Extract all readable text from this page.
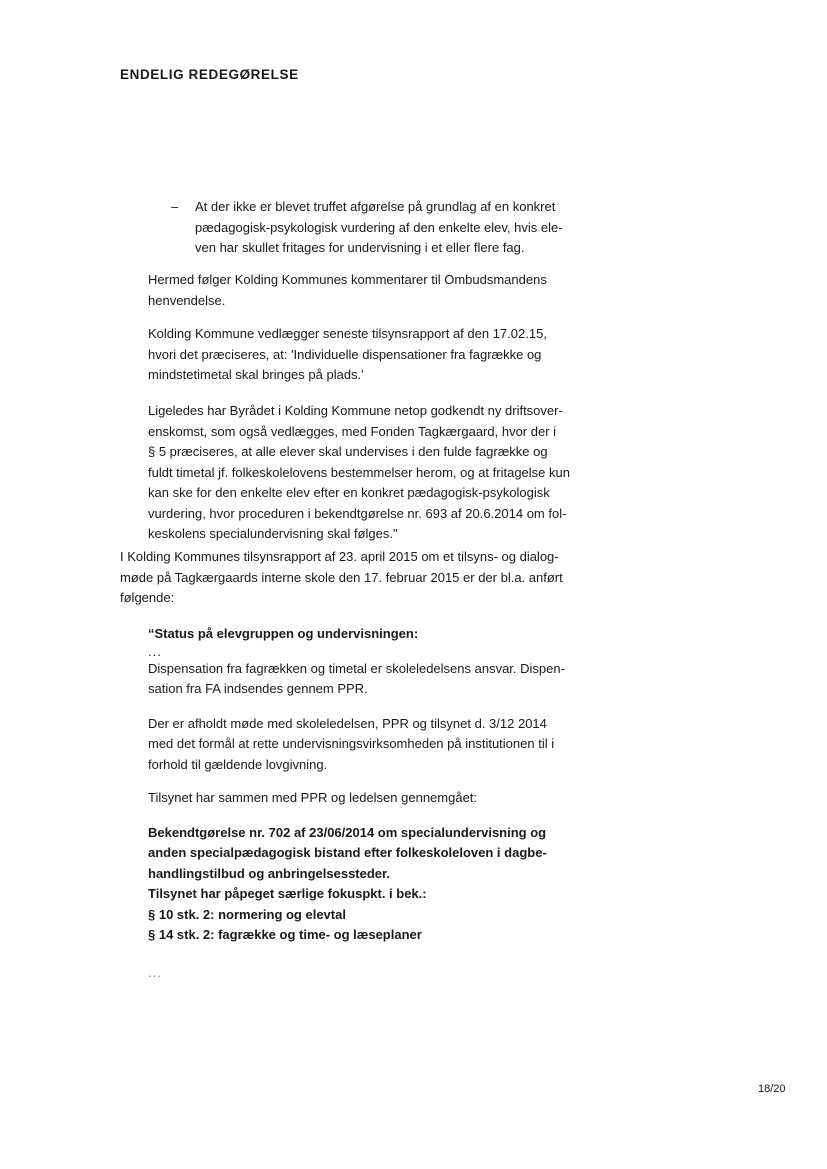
ENDELIG REDEGØRELSE
– At der ikke er blevet truffet afgørelse på grundlag af en konkret

pædagogisk-psykologisk vurdering af den enkelte elev, hvis ele-

ven har skullet fritages for undervisning i et eller flere fag.

Hermed følger Kolding Kommunes kommentarer til Ombudsmandens

henvendelse.

Kolding Kommune vedlægger seneste tilsynsrapport af den 17.02.15,

hvori det præciseres, at: 'Individuelle dispensationer fra fagrække og

mindstetimetal skal bringes på plads.'

Ligeledes har Byrådet i Kolding Kommune netop godkendt ny driftsover-

enskomst, som også vedlægges, med Fonden Tagkærgaard, hvor der i

§ 5 præciseres, at alle elever skal undervises i den fulde fagrække og

fuldt timetal jf. folkeskolelovens bestemmelser herom, og at fritagelse kun

kan ske for den enkelte elev efter en konkret pædagogisk-psykologisk

vurdering, hvor proceduren i bekendtgørelse nr. 693 af 20.6.2014 om fol-

keskolens specialundervisning skal følges."

I Kolding Kommunes tilsynsrapport af 23. april 2015 om et tilsyns- og dialog-

møde på Tagkærgaards interne skole den 17. februar 2015 er der bl.a. anført

følgende:

“Status på elevgruppen og undervisningen:

...

Dispensation fra fagrækken og timetal er skoleledelsens ansvar. Dispen-

sation fra FA indsendes gennem PPR.

Der er afholdt møde med skoleledelsen, PPR og tilsynet d. 3/12 2014

med det formål at rette undervisningsvirksomheden på institutionen til i

forhold til gældende lovgivning.

Tilsynet har sammen med PPR og ledelsen gennemgået:

Bekendtgørelse nr. 702 af 23/06/2014 om specialundervisning og

anden specialpædagogisk bistand efter folkeskoleloven i dagbe-

handlingstilbud og anbringelsessteder.

Tilsynet har påpeget særlige fokuspkt. i bek.:

§ 10 stk. 2: normering og elevtal

§ 14 stk. 2: fagrække og time- og læseplaner

...

18/20
